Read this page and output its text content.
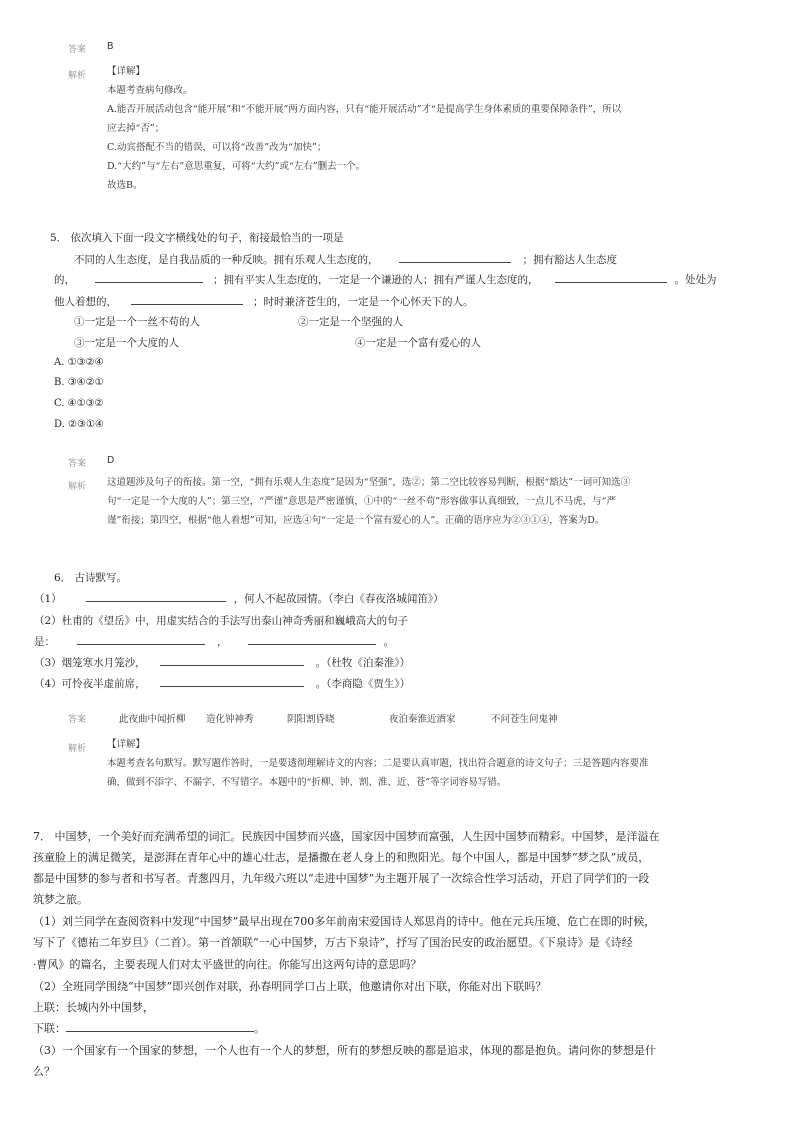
答案 B
解析 【详解】
本题考查病句修改。
A.能否开展活动包含“能开展”和“不能开展”两方面内容，只有“能开展活动”才“是提高学生身体素质的重要保障条件”，所以
应去掉“否”；
C.动宾搭配不当的错误，可以将“改善”改为“加快”；
D.“大约”与“左右”意思重复，可将“大约”或“左右”删去一个。
故选B。
5． 依次填入下面一段文字横线处的句子，衔接最恰当的一项是
不同的人生态度，是自我品质的一种反映。拥有乐观人生态度的，	；拥有豁达人生态度
的，	；拥有平实人生态度的，一定是一个谦逊的人；拥有严谨人生态度的，	。处处为
他人着想的，	；时时兼济苍生的，一定是一个心怀天下的人。
①一定是一个一丝不苟的人	②一定是一个坚强的人
③一定是一个大度的人	④一定是一个富有爱心的人
A. ①③②④
B. ③④②①
C. ④①③②
D. ②③①④
答案 D
解析 这道题涉及句子的衔接。第一空，“拥有乐观人生态度”是因为“坚强”，选②；第二空比较容易判断，根据“豁达”一词可知选③
句“一定是一个大度的人”；第三空，“严谨”意思是严密谨慎，①中的“一丝不苟”形容做事认真细致，一点儿不马虎，与“严
谨”衔接；第四空，根据“他人着想”可知，应选④句“一定是一个富有爱心的人”。正确的语序应为②③①④，答案为D。
6． 古诗默写。
（1）	，何人不起故园情。（李白《春夜洛城闻笛》）
（2）杜甫的《望岳》中，用虚实结合的手法写出泰山神奇秀丽和巍峨高大的句子
是：	，	。
（3）烟笼寒水月笼沙，	。（杜牧《泊秦淮》）
（4）可怜夜半虚前席，	。（李商隐《贾生》）
答案	此夜曲中闻折柳 造化钟神秀	阴阳割昏晓	夜泊秦淮近酒家	不问苍生问鬼神
解析 【详解】
本题考查名句默写。默写题作答时，一是要透彻理解诗文的内容；二是要认真审题，找出符合题意的诗文句子；三是答题内容要准
确，做到不添字、不漏字、不写错字。本题中的“折柳、钟、割、淮、近、苍”等字词容易写错。
7． 中国梦，一个美好而充满希望的词汇。民族因中国梦而兴盛，国家因中国梦而富强，人生因中国梦而精彩。中国梦，是洋溢在
孩童脸上的满足微笑，是澎湃在青年心中的雄心壮志，是播撒在老人身上的和煦阳光。每个中国人，都是中国梦“梦之队”成员，
都是中国梦的参与者和书写者。青葱四月，九年级六班以“走进中国梦”为主题开展了一次综合性学习活动，开启了同学们的一段
筑梦之旅。
（1）刘兰同学在查阅资料中发现“中国梦”最早出现在700多年前南宋爱国诗人郑思肖的诗中。他在元兵压境、危亡在即的时候，
写下了《德祐二年岁旦》（二首）。第一首颔联“一心中国梦，万古下泉诗”，抒写了国治民安的政治愿望。《下泉诗》是《诗经
·曹风》的篇名，主要表现人们对太平盛世的向往。你能写出这两句诗的意思吗？
（2）全班同学围绕“中国梦”即兴创作对联，孙春明同学口占上联，他邀请你对出下联，你能对出下联吗？
上联：长城内外中国梦，
下联：	。
（3）一个国家有一个国家的梦想，一个人也有一个人的梦想，所有的梦想反映的都是追求，体现的都是抱负。请问你的梦想是什
么？
